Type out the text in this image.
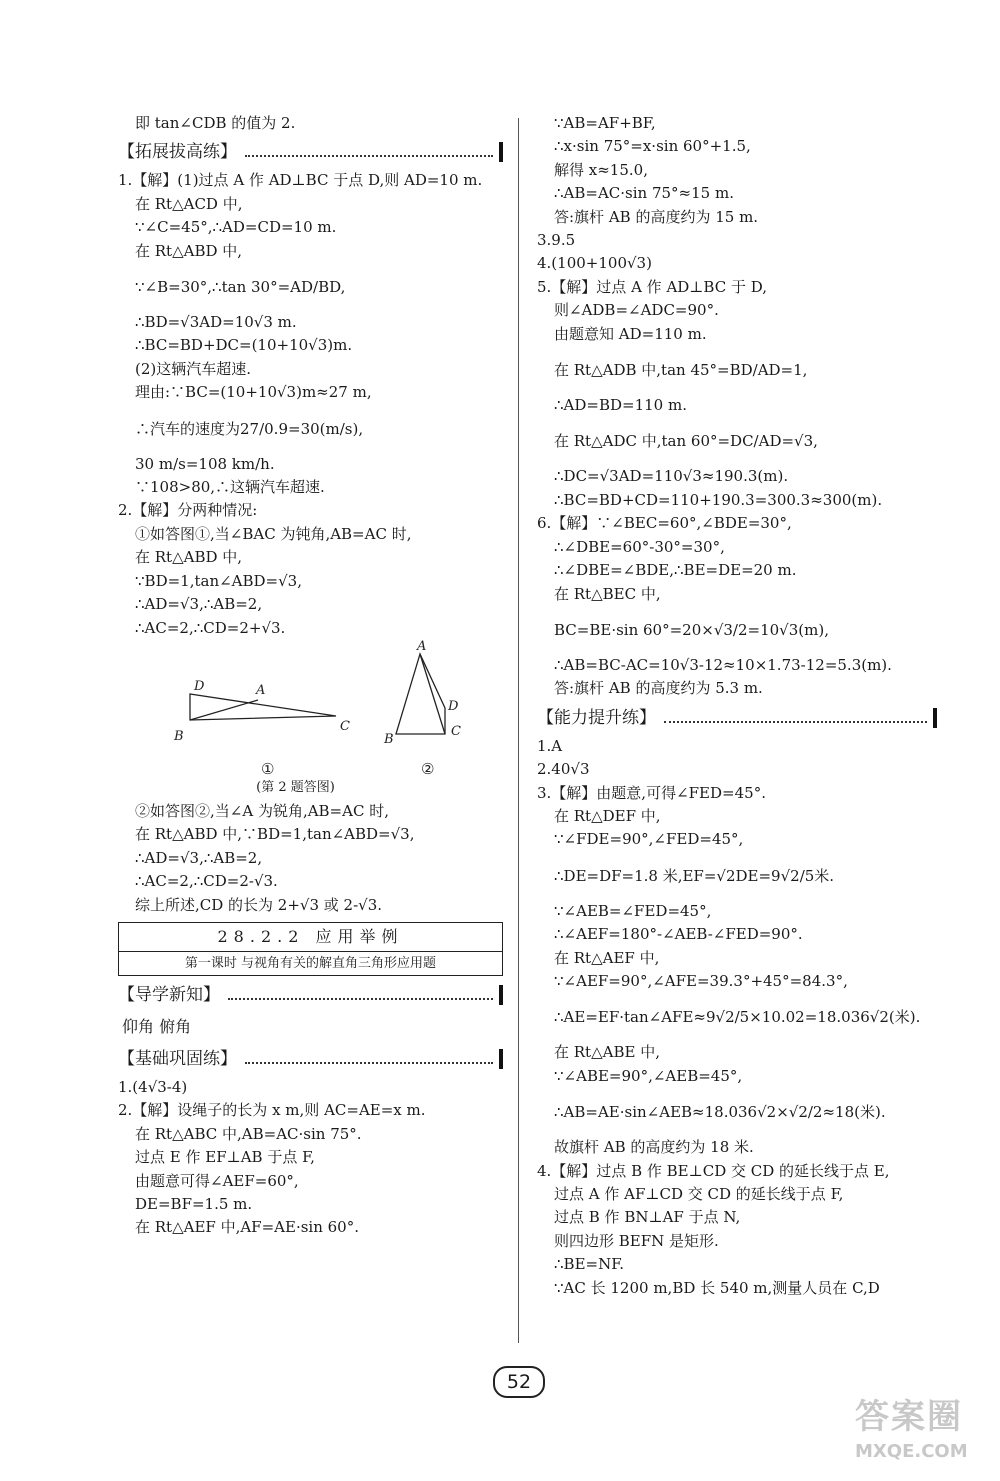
即 tan∠CDB 的值为 2.
【拓展拔高练】
1.【解】(1)过点 A 作 AD⊥BC 于点 D,则 AD=10 m.
在 Rt△ACD 中,
∵∠C=45°,∴AD=CD=10 m.
在 Rt△ABD 中,
∵∠B=30°,∴tan 30°=AD/BD,
∴BD=√3AD=10√3 m.
∴BC=BD+DC=(10+10√3)m.
(2)这辆汽车超速.
理由:∵BC=(10+10√3)m≈27 m,
∴汽车的速度为27/0.9=30(m/s),
30 m/s=108 km/h.
∵108>80,∴这辆汽车超速.
2.【解】分两种情况:
①如答图①,当∠BAC 为钝角,AB=AC 时,
在 Rt△ABD 中,
∵BD=1,tan∠ABD=√3,
∴AD=√3,∴AB=2,
∴AC=2,∴CD=2+√3.
D	A
B
C
A
D
B
C
①	②
(第 2 题答图)
②如答图②,当∠A 为锐角,AB=AC 时,
在 Rt△ABD 中,∵BD=1,tan∠ABD=√3,
∴AD=√3,∴AB=2,
∴AC=2,∴CD=2-√3.
综上所述,CD 的长为 2+√3 或 2-√3.
28.2.2 应用举例
第一课时 与视角有关的解直角三角形应用题
【导学新知】
仰角 俯角
【基础巩固练】
1.(4√3-4)
2.【解】设绳子的长为 x m,则 AC=AE=x m.
在 Rt△ABC 中,AB=AC·sin 75°.
过点 E 作 EF⊥AB 于点 F,
由题意可得∠AEF=60°,
DE=BF=1.5 m.
在 Rt△AEF 中,AF=AE·sin 60°.
∵AB=AF+BF,
∴x·sin 75°=x·sin 60°+1.5,
解得 x≈15.0,
∴AB=AC·sin 75°≈15 m.
答:旗杆 AB 的高度约为 15 m.
3.9.5
4.(100+100√3)
5.【解】过点 A 作 AD⊥BC 于 D,
则∠ADB=∠ADC=90°.
由题意知 AD=110 m.
在 Rt△ADB 中,tan 45°=BD/AD=1,
∴AD=BD=110 m.
在 Rt△ADC 中,tan 60°=DC/AD=√3,
∴DC=√3AD=110√3≈190.3(m).
∴BC=BD+CD=110+190.3=300.3≈300(m).
6.【解】∵∠BEC=60°,∠BDE=30°,
∴∠DBE=60°-30°=30°,
∴∠DBE=∠BDE,∴BE=DE=20 m.
在 Rt△BEC 中,
BC=BE·sin 60°=20×√3/2=10√3(m),
∴AB=BC-AC=10√3-12≈10×1.73-12=5.3(m).
答:旗杆 AB 的高度约为 5.3 m.
【能力提升练】
1.A
2.40√3
3.【解】由题意,可得∠FED=45°.
在 Rt△DEF 中,
∵∠FDE=90°,∠FED=45°,
∴DE=DF=1.8 米,EF=√2DE=9√2/5米.
∵∠AEB=∠FED=45°,
∴∠AEF=180°-∠AEB-∠FED=90°.
在 Rt△AEF 中,
∵∠AEF=90°,∠AFE=39.3°+45°=84.3°,
∴AE=EF·tan∠AFE≈9√2/5×10.02=18.036√2(米).
在 Rt△ABE 中,
∵∠ABE=90°,∠AEB=45°,
∴AB=AE·sin∠AEB≈18.036√2×√2/2≈18(米).
故旗杆 AB 的高度约为 18 米.
4.【解】过点 B 作 BE⊥CD 交 CD 的延长线于点 E,
过点 A 作 AF⊥CD 交 CD 的延长线于点 F,
过点 B 作 BN⊥AF 于点 N,
则四边形 BEFN 是矩形.
∴BE=NF.
∵AC 长 1200 m,BD 长 540 m,测量人员在 C,D
52
答案圈
MXQE.COM
